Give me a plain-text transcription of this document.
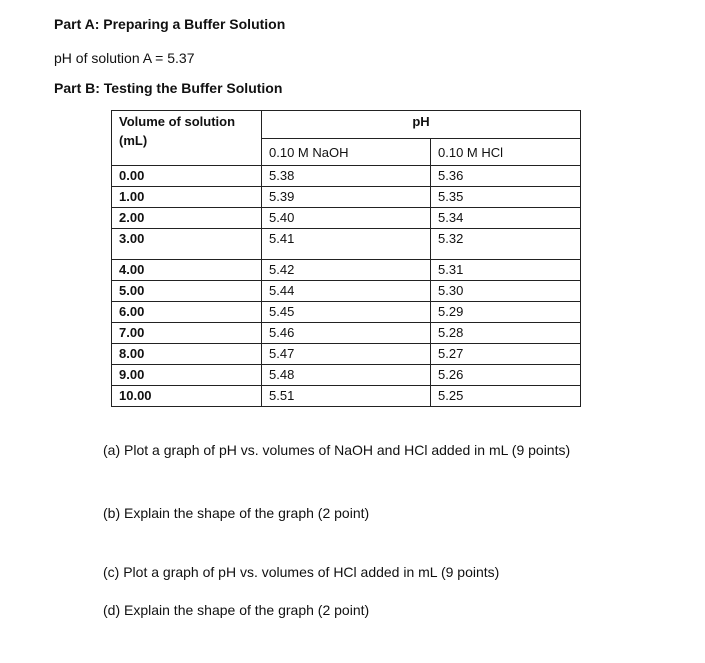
Part A: Preparing a Buffer Solution

pH of solution A = 5.37

Part B: Testing the Buffer Solution

Volume of solution (mL)	pH	
	0.10 M NaOH	0.10 M HCl
0.00	5.38	5.36
1.00	5.39	5.35
2.00	5.40	5.34
3.00	5.41	5.32
4.00	5.42	5.31
5.00	5.44	5.30
6.00	5.45	5.29
7.00	5.46	5.28
8.00	5.47	5.27
9.00	5.48	5.26
10.00	5.51	5.25

(a) Plot a graph of pH vs. volumes of NaOH and HCl added in mL (9 points)

(b) Explain the shape of the graph (2 point)

(c) Plot a graph of pH vs. volumes of HCl added in mL (9 points)

(d) Explain the shape of the graph (2 point)
